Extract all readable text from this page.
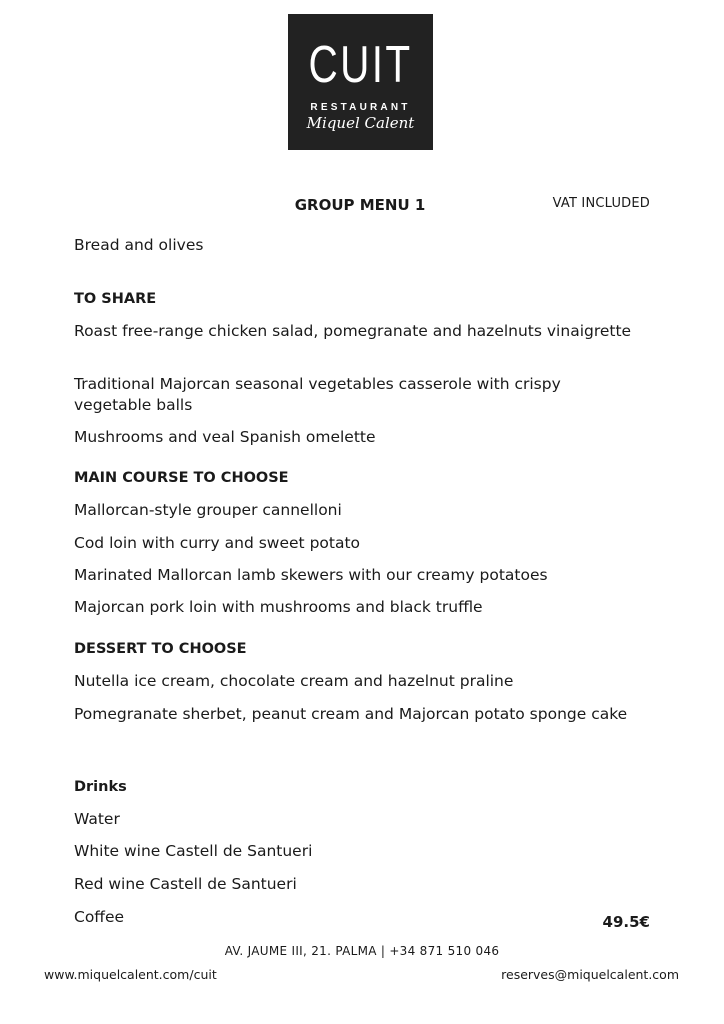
CUIT
RESTAURANT
Miquel Calent
GROUP MENU 1	VAT INCLUDED

Bread and olives

TO SHARE

Roast free-range chicken salad, pomegranate and hazelnuts vinaigrette

Traditional Majorcan seasonal vegetables casserole with crispy vegetable balls

Mushrooms and veal Spanish omelette

MAIN COURSE TO CHOOSE

Mallorcan-style grouper cannelloni

Cod loin with curry and sweet potato

Marinated Mallorcan lamb skewers with our creamy potatoes

Majorcan pork loin with mushrooms and black truffle

DESSERT TO CHOOSE

Nutella ice cream, chocolate cream and hazelnut praline

Pomegranate sherbet, peanut cream and Majorcan potato sponge cake

Drinks

Water

White wine Castell de Santueri

Red wine Castell de Santueri

Coffee	49.5€
AV. JAUME III, 21. PALMA | +34 871 510 046
www.miquelcalent.com/cuit	reserves@miquelcalent.com
